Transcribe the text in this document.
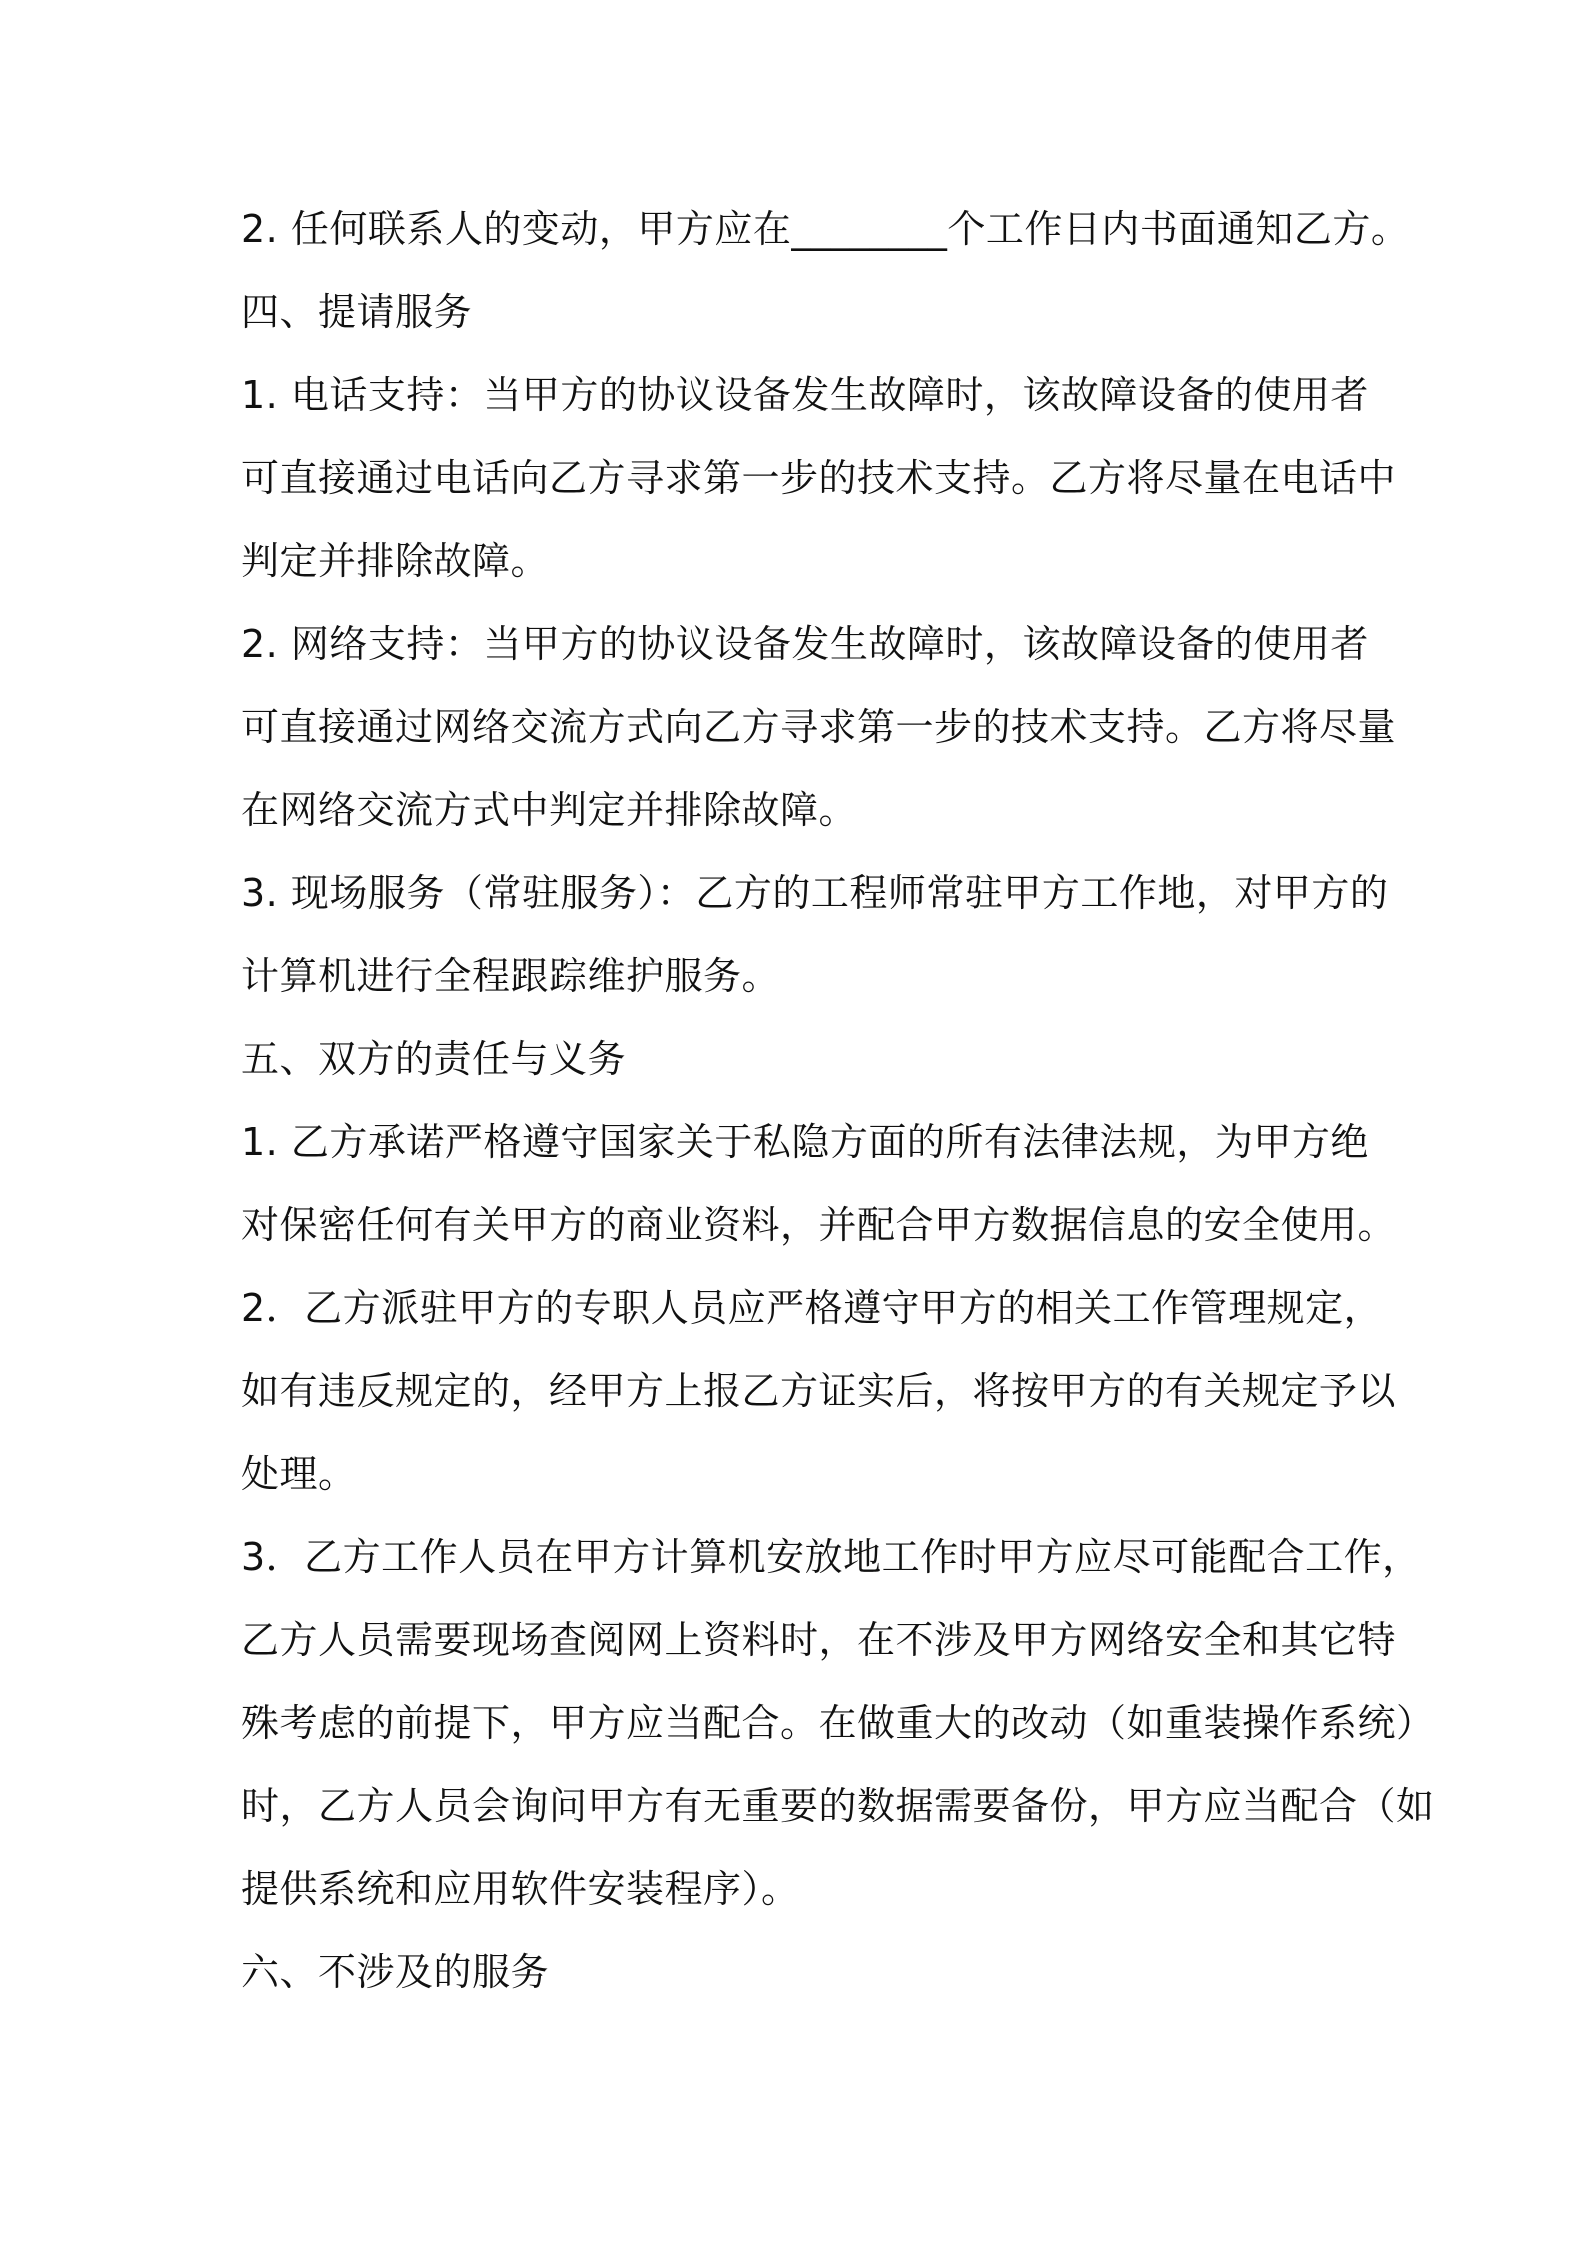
2. 任何联系人的变动，甲方应在________个工作日内书面通知乙方。

四、提请服务

1. 电话支持：当甲方的协议设备发生故障时，该故障设备的使用者

可直接通过电话向乙方寻求第一步的技术支持。乙方将尽量在电话中

判定并排除故障。

2. 网络支持：当甲方的协议设备发生故障时，该故障设备的使用者

可直接通过网络交流方式向乙方寻求第一步的技术支持。乙方将尽量

在网络交流方式中判定并排除故障。

3. 现场服务（常驻服务）：乙方的工程师常驻甲方工作地，对甲方的

计算机进行全程跟踪维护服务。

五、双方的责任与义务

1. 乙方承诺严格遵守国家关于私隐方面的所有法律法规，为甲方绝

对保密任何有关甲方的商业资料，并配合甲方数据信息的安全使用。

2．乙方派驻甲方的专职人员应严格遵守甲方的相关工作管理规定，

如有违反规定的，经甲方上报乙方证实后，将按甲方的有关规定予以

处理。

3．乙方工作人员在甲方计算机安放地工作时甲方应尽可能配合工作，

乙方人员需要现场查阅网上资料时，在不涉及甲方网络安全和其它特

殊考虑的前提下，甲方应当配合。在做重大的改动（如重装操作系统）

时，乙方人员会询问甲方有无重要的数据需要备份，甲方应当配合（如

提供系统和应用软件安装程序）。

六、不涉及的服务
